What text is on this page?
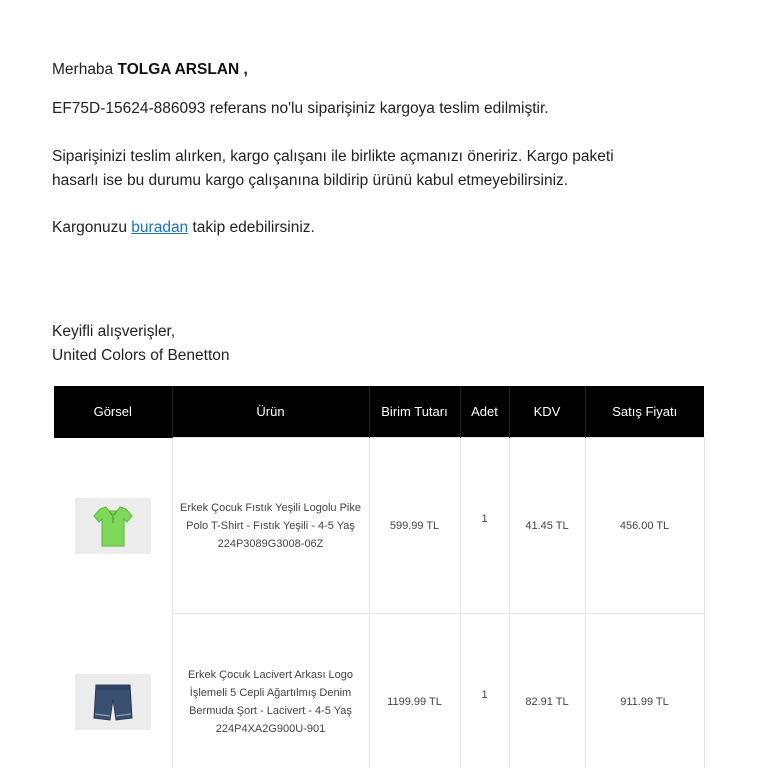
Merhaba TOLGA ARSLAN ,

EF75D-15624-886093 referans no'lu siparişiniz kargoya teslim edilmiştir.

Siparişinizi teslim alırken, kargo çalışanı ile birlikte açmanızı öneririz. Kargo paketi
hasarlı ise bu durumu kargo çalışanına bildirip ürünü kabul etmeyebilirsiniz.

Kargonuzu buradan takip edebilirsiniz.

Keyifli alışverişler,

United Colors of Benetton

Görsel	Ürün	Birim Tutarı	Adet	KDV	Satış Fiyatı

Erkek Çocuk Fıstık Yeşili Logolu Pike Polo T-Shirt - Fıstık Yeşili - 4-5 Yaş
224P3089G3008-06Z	599.99 TL	1	41.45 TL	456.00 TL

Erkek Çocuk Lacivert Arkası Logo İşlemeli 5 Cepli Ağartılmış Denim Bermuda Şort - Lacivert - 4-5 Yaş
224P4XA2G900U-901	1199.99 TL	1	82.91 TL	911.99 TL
